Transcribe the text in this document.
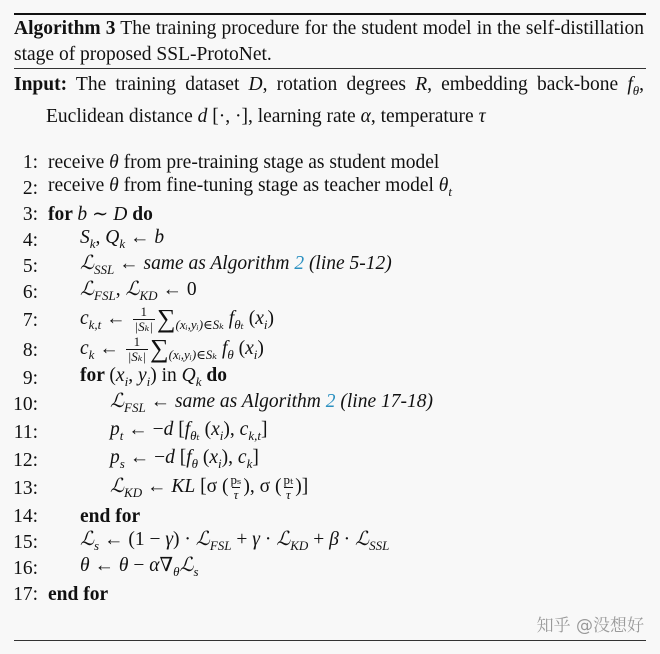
Algorithm 3 The training procedure for the student model in the self-distillation stage of proposed SSL-ProtoNet.
Input: The training dataset D, rotation degrees R, embedding back-bone $f_\theta$, Euclidean distance d [·, ·], learning rate α, temperature τ
1: receive θ from pre-training stage as student model
2: receive θ from fine-tuning stage as teacher model $\theta_t$
3: for b ∼ D do
4: $S_k$, $Q_k$ ← b
5: ℒ$_{SSL}$ ← same as Algorithm 2 (line 5-12)
6: ℒ$_{FSL}$, ℒ$_{KD}$ ← 0
7: $c_{k,t}$ ← $\frac{1}{\text{|Sₖ|}} \sum_{(xᵢ,yᵢ)\in S_k}$ $f_{\theta_t}$ $(x_i)$
8: $c_k$ ← $\frac{1}{\text{|Sₖ|}} \sum_{(xᵢ,yᵢ)\in S_k}$ $f_\theta$ $(x_i)$
9: for ($x_i$, $y_i$) in $Q_k$ do
10:	ℒ$_{FSL}$ ← same as Algorithm 2 (line 17-18)
11:	$p_t$ ← −d [$f_{\theta_t}$ $(x_i)$, $c_{k,t}$]
12:	$p_s$ ← −d [$f_\theta$ $(x_i)$, $c_k$]
13:	ℒ$_{KD}$ ← KL [σ ( $\frac{\text{pₛ}}{\tau}$ ), σ ( $\frac{\text{pₜ}}{\tau}$ )]
14: end for
15: ℒ$_s$ ← (1 − γ) · ℒ$_{FSL}$ + γ · ℒ$_{KD}$ + β · ℒ$_{SSL}$
16: θ ← $\theta - \alpha\nabla_\theta ℒ_s$
17: end for
知乎 @没想好
